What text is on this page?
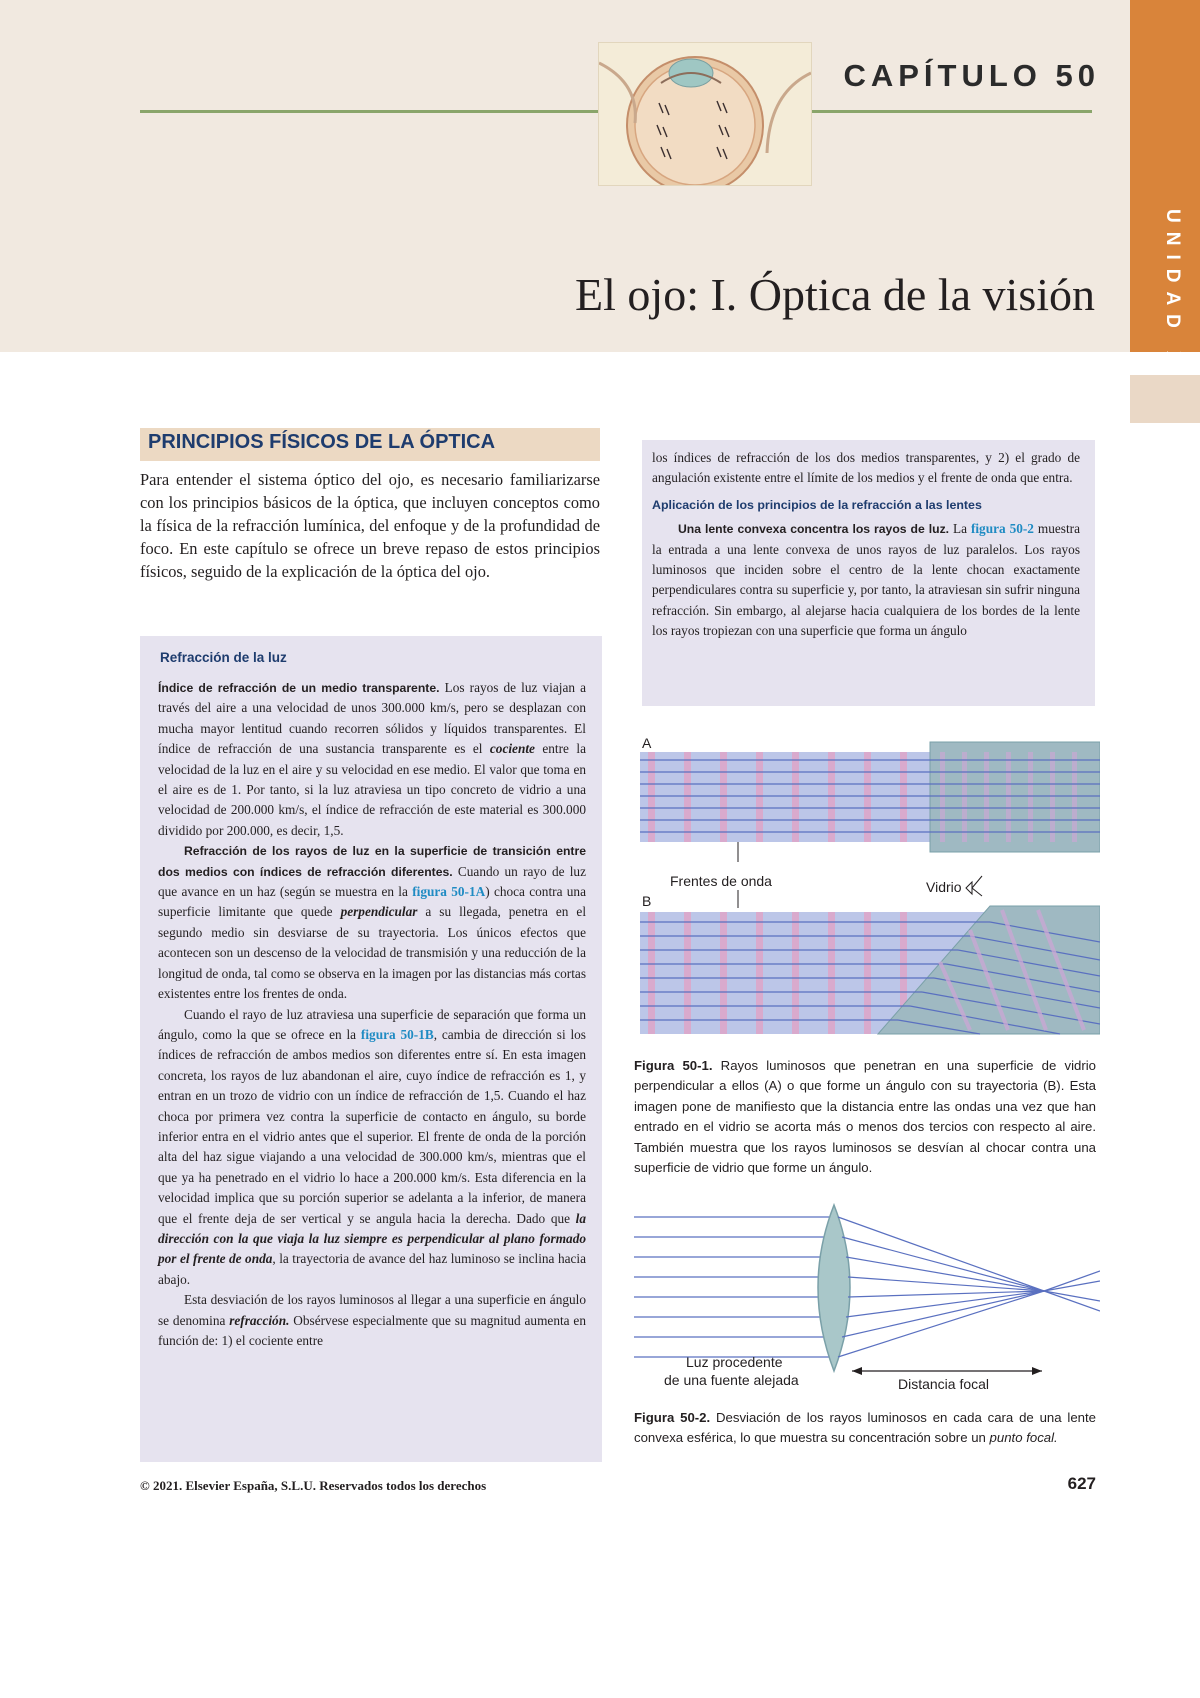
UNIDAD X
CAPÍTULO 50
El ojo: I. Óptica de la visión
PRINCIPIOS FÍSICOS DE LA ÓPTICA
Para entender el sistema óptico del ojo, es necesario familiarizarse con los principios básicos de la óptica, que incluyen conceptos como la física de la refracción lumínica, del enfoque y de la profundidad de foco. En este capítulo se ofrece un breve repaso de estos principios físicos, seguido de la explicación de la óptica del ojo.
Refracción de la luz

Índice de refracción de un medio transparente. Los rayos de luz viajan a través del aire a una velocidad de unos 300.000 km/s, pero se desplazan con mucha mayor lentitud cuando recorren sólidos y líquidos transparentes. El índice de refracción de una sustancia transparente es el cociente entre la velocidad de la luz en el aire y su velocidad en ese medio. El valor que toma en el aire es de 1. Por tanto, si la luz atraviesa un tipo concreto de vidrio a una velocidad de 200.000 km/s, el índice de refracción de este material es 300.000 dividido por 200.000, es decir, 1,5.

Refracción de los rayos de luz en la superficie de transición entre dos medios con índices de refracción diferentes. Cuando un rayo de luz que avance en un haz (según se muestra en la figura 50-1A) choca contra una superficie limitante que quede perpendicular a su llegada, penetra en el segundo medio sin desviarse de su trayectoria. Los únicos efectos que acontecen son un descenso de la velocidad de transmisión y una reducción de la longitud de onda, tal como se observa en la imagen por las distancias más cortas existentes entre los frentes de onda.

Cuando el rayo de luz atraviesa una superficie de separación que forma un ángulo, como la que se ofrece en la figura 50-1B, cambia de dirección si los índices de refracción de ambos medios son diferentes entre sí. En esta imagen concreta, los rayos de luz abandonan el aire, cuyo índice de refracción es 1, y entran en un trozo de vidrio con un índice de refracción de 1,5. Cuando el haz choca por primera vez contra la superficie de contacto en ángulo, su borde inferior entra en el vidrio antes que el superior. El frente de onda de la porción alta del haz sigue viajando a una velocidad de 300.000 km/s, mientras que el que ya ha penetrado en el vidrio lo hace a 200.000 km/s. Esta diferencia en la velocidad implica que su porción superior se adelanta a la inferior, de manera que el frente deja de ser vertical y se angula hacia la derecha. Dado que la dirección con la que viaja la luz siempre es perpendicular al plano formado por el frente de onda, la trayectoria de avance del haz luminoso se inclina hacia abajo.

Esta desviación de los rayos luminosos al llegar a una superficie en ángulo se denomina refracción. Obsérvese especialmente que su magnitud aumenta en función de: 1) el cociente entre

los índices de refracción de los dos medios transparentes, y 2) el grado de angulación existente entre el límite de los medios y el frente de onda que entra.

Aplicación de los principios de la refracción a las lentes

Una lente convexa concentra los rayos de luz. La figura 50-2 muestra la entrada a una lente convexa de unos rayos de luz paralelos. Los rayos luminosos que inciden sobre el centro de la lente chocan exactamente perpendiculares contra su superficie y, por tanto, la atraviesan sin sufrir ninguna refracción. Sin embargo, al alejarse hacia cualquiera de los bordes de la lente los rayos tropiezan con una superficie que forma un ángulo

A
Frentes de onda	Vidrio
B
Figura 50-1. Rayos luminosos que penetran en una superficie de vidrio perpendicular a ellos (A) o que forme un ángulo con su trayectoria (B). Esta imagen pone de manifiesto que la distancia entre las ondas una vez que han entrado en el vidrio se acorta más o menos dos tercios con respecto al aire. También muestra que los rayos luminosos se desvían al chocar contra una superficie de vidrio que forme un ángulo.
Luz procedente
de una fuente alejada	Distancia focal
Figura 50-2. Desviación de los rayos luminosos en cada cara de una lente convexa esférica, lo que muestra su concentración sobre un punto focal.
© 2021. Elsevier España, S.L.U. Reservados todos los derechos	627
